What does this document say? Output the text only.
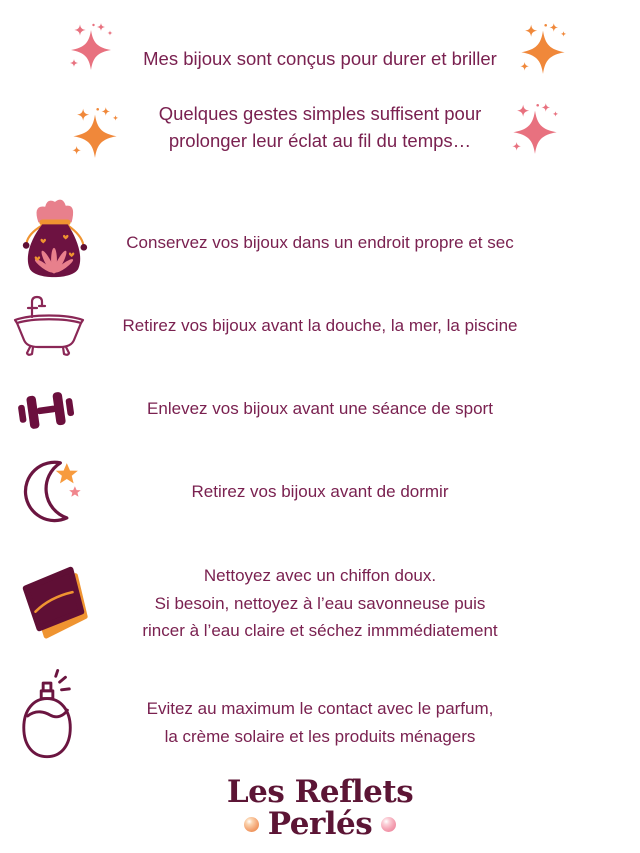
Mes bijoux sont conçus pour durer et briller
Quelques gestes simples suffisent pour
prolonger leur éclat au fil du temps…
Conservez vos bijoux dans un endroit propre et sec
Retirez vos bijoux avant la douche, la mer, la piscine
Enlevez vos bijoux avant une séance de sport
Retirez vos bijoux avant de dormir
Nettoyez avec un chiffon doux.
Si besoin, nettoyez à l’eau savonneuse puis
rincer à l’eau claire et séchez immmédiatement
Evitez au maximum le contact avec le parfum,
la crème solaire et les produits ménagers
Les Reflets
Perlés
